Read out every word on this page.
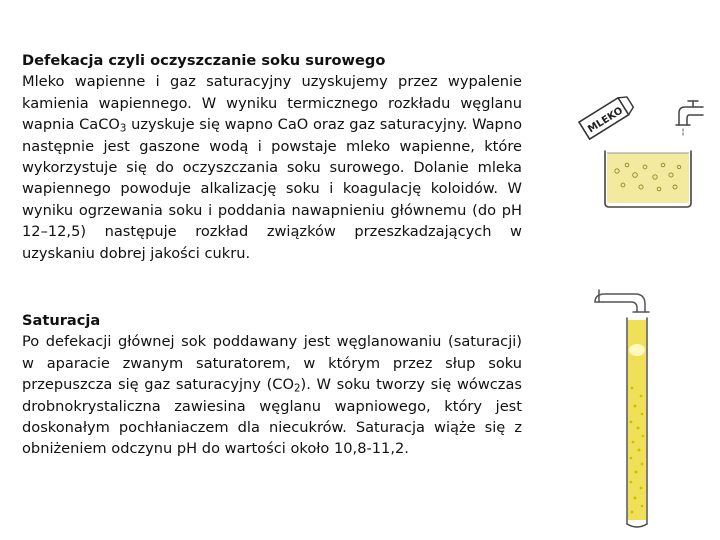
Defekacja czyli oczyszczanie soku surowego
Mleko wapienne i gaz saturacyjny uzyskujemy przez wypalenie kamienia wapiennego. W wyniku termicznego rozkładu węglanu wapnia CaCO$_3$ uzyskuje się wapno CaO oraz gaz saturacyjny. Wapno następnie jest gaszone wodą i powstaje mleko wapienne, które wykorzystuje się do oczyszczania soku surowego. Dolanie mleka wapiennego powoduje alkalizację soku i koagulację koloidów. W wyniku ogrzewania soku i poddania nawapnieniu głównemu (do pH 12–12,5) następuje rozkład związków przeszkadzających w uzyskaniu dobrej jakości cukru.
Saturacja
Po defekacji głównej sok poddawany jest węglanowaniu (saturacji) w aparacie zwanym saturatorem, w którym przez słup soku przepuszcza się gaz saturacyjny $(CO_2)$. W soku tworzy się wówczas drobnokrystaliczna zawiesina węglanu wapniowego, który jest doskonałym pochłaniaczem dla niecukrów. Saturacja wiąże się z obniżeniem odczynu pH do wartości około 10,8-11,2.
MLEKO
